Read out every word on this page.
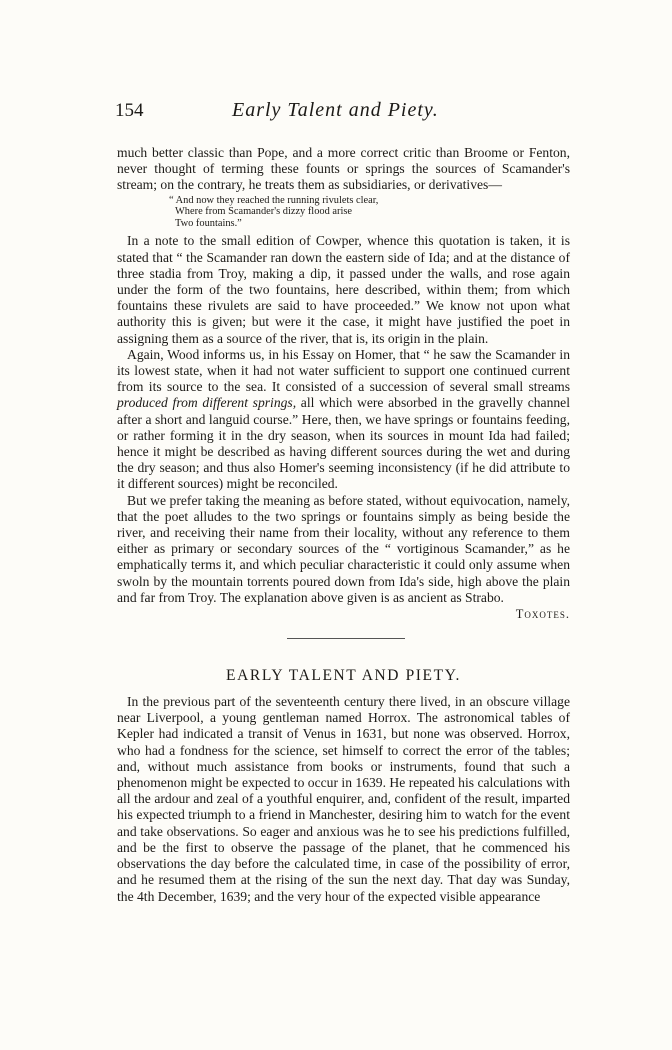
154	Early Talent and Piety.

much better classic than Pope, and a more correct critic than Broome or Fenton, never thought of terming these founts or springs the sources of Scamander's stream; on the contrary, he treats them as subsidiaries, or derivatives—

“ And now they reached the running rivulets clear,
Where from Scamander's dizzy flood arise
Two fountains.”

In a note to the small edition of Cowper, whence this quotation is taken, it is stated that “ the Scamander ran down the eastern side of Ida; and at the distance of three stadia from Troy, making a dip, it passed under the walls, and rose again under the form of the two fountains, here described, within them; from which fountains these rivulets are said to have proceeded.” We know not upon what authority this is given; but were it the case, it might have justified the poet in assigning them as a source of the river, that is, its origin in the plain.

Again, Wood informs us, in his Essay on Homer, that “ he saw the Scamander in its lowest state, when it had not water sufficient to support one continued current from its source to the sea. It consisted of a succession of several small streams produced from different springs, all which were absorbed in the gravelly channel after a short and languid course.” Here, then, we have springs or fountains feeding, or rather forming it in the dry season, when its sources in mount Ida had failed; hence it might be described as having different sources during the wet and during the dry season; and thus also Homer's seeming inconsistency (if he did attribute to it different sources) might be reconciled.

But we prefer taking the meaning as before stated, without equivocation, namely, that the poet alludes to the two springs or fountains simply as being beside the river, and receiving their name from their locality, without any reference to them either as primary or secondary sources of the “ vortiginous Scamander,” as he emphatically terms it, and which peculiar characteristic it could only assume when swoln by the mountain torrents poured down from Ida's side, high above the plain and far from Troy. The explanation above given is as ancient as Strabo.

Toxotes.
EARLY TALENT AND PIETY.

In the previous part of the seventeenth century there lived, in an obscure village near Liverpool, a young gentleman named Horrox. The astronomical tables of Kepler had indicated a transit of Venus in 1631, but none was observed. Horrox, who had a fondness for the science, set himself to correct the error of the tables; and, without much assistance from books or instruments, found that such a phenomenon might be expected to occur in 1639. He repeated his calculations with all the ardour and zeal of a youthful enquirer, and, confident of the result, imparted his expected triumph to a friend in Manchester, desiring him to watch for the event and take observations. So eager and anxious was he to see his predictions fulfilled, and be the first to observe the passage of the planet, that he commenced his observations the day before the calculated time, in case of the possibility of error, and he resumed them at the rising of the sun the next day. That day was Sunday, the 4th December, 1639; and the very hour of the expected visible appearance
